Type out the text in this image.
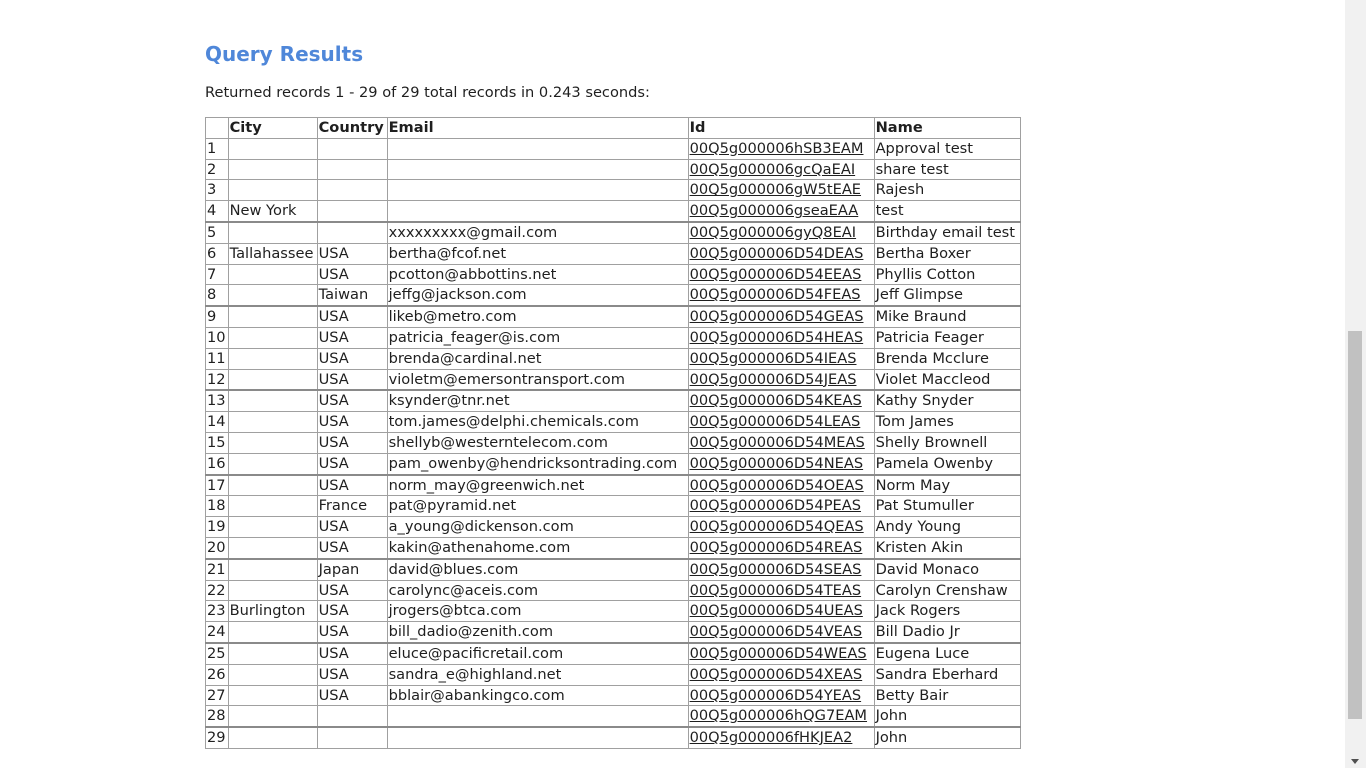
Query Results
Returned records 1 - 29 of 29 total records in 0.243 seconds:
	City	Country	Email	Id	Name
1				00Q5g000006hSB3EAM	Approval test
2				00Q5g000006gcQaEAI	share test
3				00Q5g000006gW5tEAE	Rajesh
4	New York			00Q5g000006gseaEAA	test
5			xxxxxxxxx@gmail.com	00Q5g000006gyQ8EAI	Birthday email test
6	Tallahassee	USA	bertha@fcof.net	00Q5g000006D54DEAS	Bertha Boxer
7		USA	pcotton@abbottins.net	00Q5g000006D54EEAS	Phyllis Cotton
8		Taiwan	jeffg@jackson.com	00Q5g000006D54FEAS	Jeff Glimpse
9		USA	likeb@metro.com	00Q5g000006D54GEAS	Mike Braund
10		USA	patricia_feager@is.com	00Q5g000006D54HEAS	Patricia Feager
11		USA	brenda@cardinal.net	00Q5g000006D54IEAS	Brenda Mcclure
12		USA	violetm@emersontransport.com	00Q5g000006D54JEAS	Violet Maccleod
13		USA	ksynder@tnr.net	00Q5g000006D54KEAS	Kathy Snyder
14		USA	tom.james@delphi.chemicals.com	00Q5g000006D54LEAS	Tom James
15		USA	shellyb@westerntelecom.com	00Q5g000006D54MEAS	Shelly Brownell
16		USA	pam_owenby@hendricksontrading.com	00Q5g000006D54NEAS	Pamela Owenby
17		USA	norm_may@greenwich.net	00Q5g000006D54OEAS	Norm May
18		France	pat@pyramid.net	00Q5g000006D54PEAS	Pat Stumuller
19		USA	a_young@dickenson.com	00Q5g000006D54QEAS	Andy Young
20		USA	kakin@athenahome.com	00Q5g000006D54REAS	Kristen Akin
21		Japan	david@blues.com	00Q5g000006D54SEAS	David Monaco
22		USA	carolync@aceis.com	00Q5g000006D54TEAS	Carolyn Crenshaw
23	Burlington	USA	jrogers@btca.com	00Q5g000006D54UEAS	Jack Rogers
24		USA	bill_dadio@zenith.com	00Q5g000006D54VEAS	Bill Dadio Jr
25		USA	eluce@pacificretail.com	00Q5g000006D54WEAS	Eugena Luce
26		USA	sandra_e@highland.net	00Q5g000006D54XEAS	Sandra Eberhard
27		USA	bblair@abankingco.com	00Q5g000006D54YEAS	Betty Bair
28				00Q5g000006hQG7EAM	John
29				00Q5g000006fHKJEA2	John
